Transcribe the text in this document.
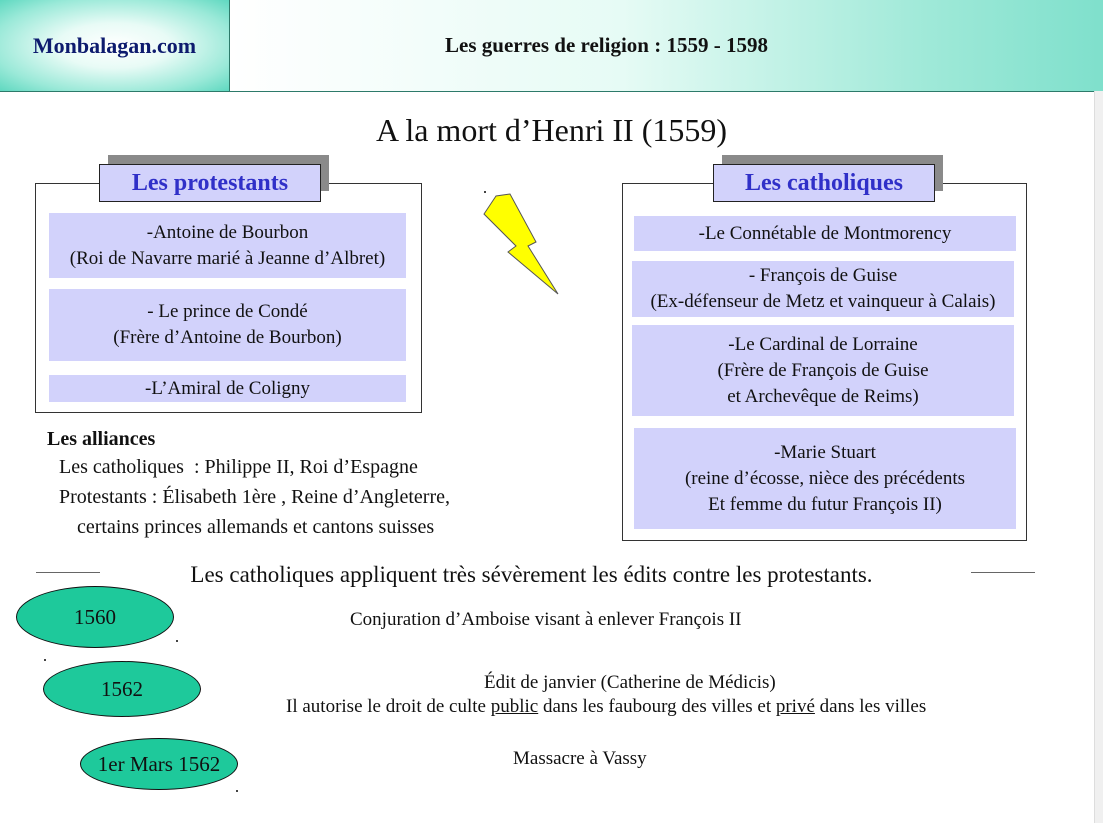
Monbalagan.com	Les guerres de religion : 1559 - 1598
A la mort d’Henri II (1559)
Les protestants
-Antoine de Bourbon
(Roi de Navarre marié à Jeanne d’Albret)
- Le prince de Condé
(Frère d’Antoine de Bourbon)
-L’Amiral de Coligny
Les catholiques
-Le Connétable de Montmorency
- François de Guise
(Ex-défenseur de Metz et vainqueur à Calais)
-Le Cardinal de Lorraine
(Frère de François de Guise
et Archevêque de Reims)
-Marie Stuart
(reine d’écosse, nièce des précédents
Et femme du futur François II)
Les alliances
Les catholiques  : Philippe II, Roi d’Espagne
Protestants : Élisabeth 1ère , Reine d’Angleterre,
certains princes allemands et cantons suisses
Les catholiques appliquent très sévèrement les édits contre les protestants.
1560	Conjuration d’Amboise visant à enlever François II
1562	Édit de janvier (Catherine de Médicis)
Il autorise le droit de culte public dans les faubourg des villes et privé dans les villes
1er Mars 1562	Massacre à Vassy
